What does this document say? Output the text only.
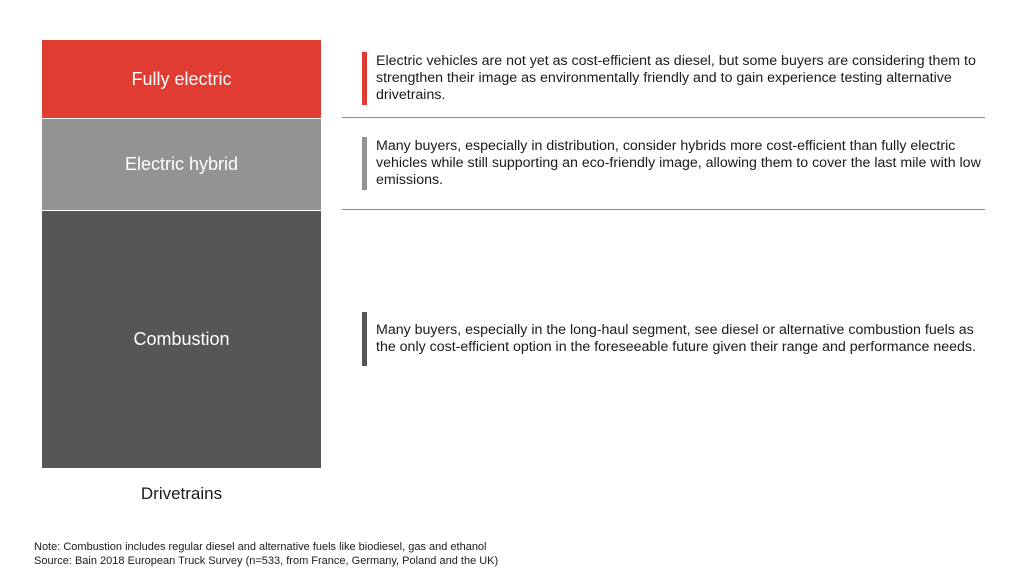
Fully electric
Electric hybrid
Combustion
Drivetrains
Electric vehicles are not yet as cost-efficient as diesel, but some buyers are considering them to strengthen their image as environmentally friendly and to gain experience testing alternative drivetrains.
Many buyers, especially in distribution, consider hybrids more cost-efficient than fully electric vehicles while still supporting an eco-friendly image, allowing them to cover the last mile with low emissions.
Many buyers, especially in the long-haul segment, see diesel or alternative combustion fuels as the only cost-efficient option in the foreseeable future given their range and performance needs.
Note: Combustion includes regular diesel and alternative fuels like biodiesel, gas and ethanol
Source: Bain 2018 European Truck Survey (n=533, from France, Germany, Poland and the UK)
